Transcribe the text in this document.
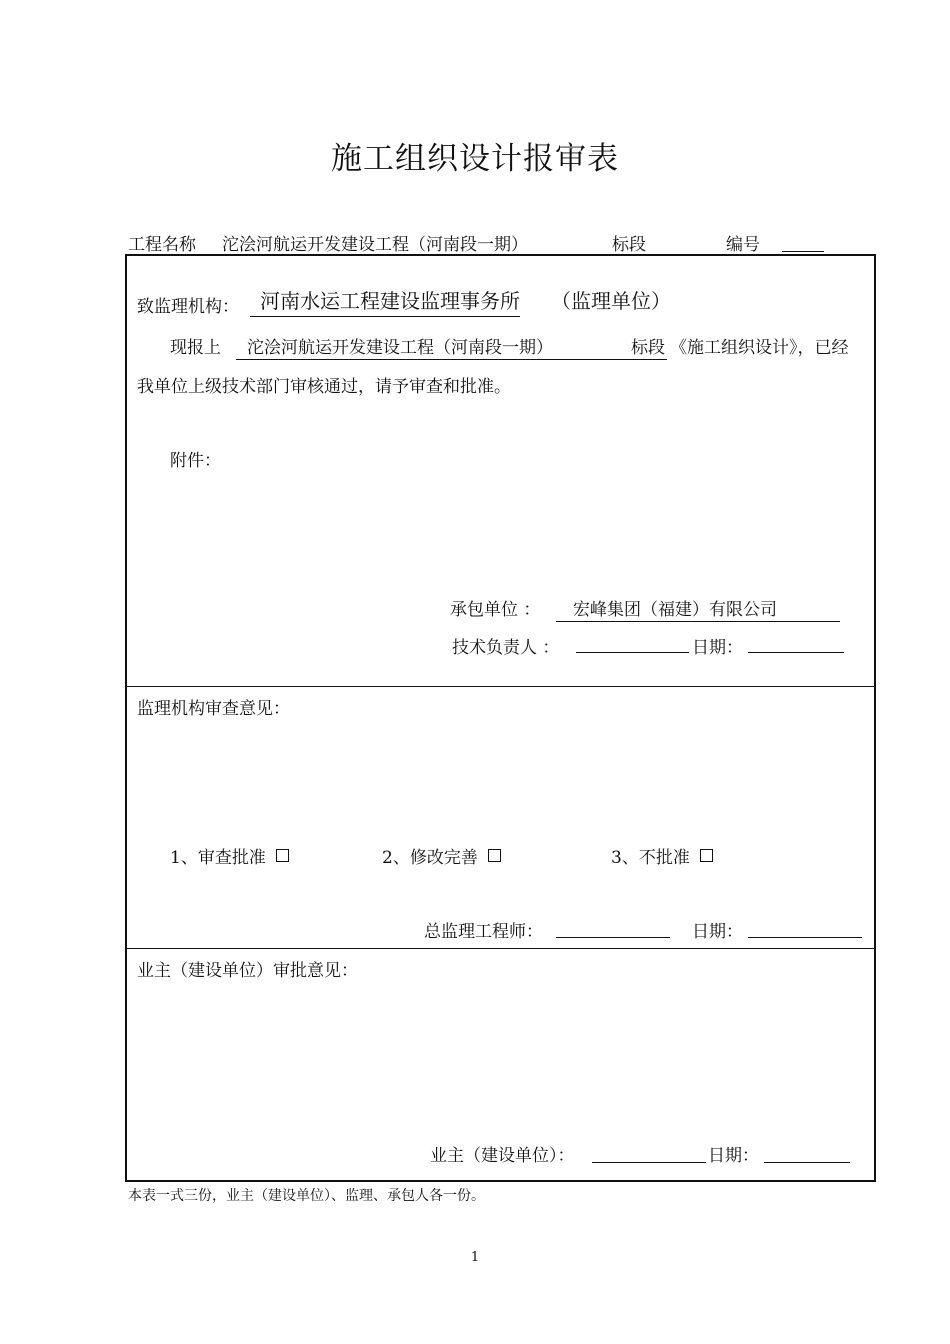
施工组织设计报审表
工程名称 沱浍河航运开发建设工程（河南段一期）	标段	编号
致监理机构：	河南水运工程建设监理事务所 （监理单位）
现报上	沱浍河航运开发建设工程（河南段一期）	标段 《施工组织设计》，已经
我单位上级技术部门审核通过，请予审查和批准。
附件：
承包单位 ：	宏峰集团（福建）有限公司
技术负责人 ：	日期：
监理机构审查意见：
1、审查批准	2、修改完善	3、不批准
总监理工程师：	日期：
业主（建设单位）审批意见：
业主（建设单位）：	日期：
本表一式三份，业主（建设单位）、监理、承包人各一份。
1
